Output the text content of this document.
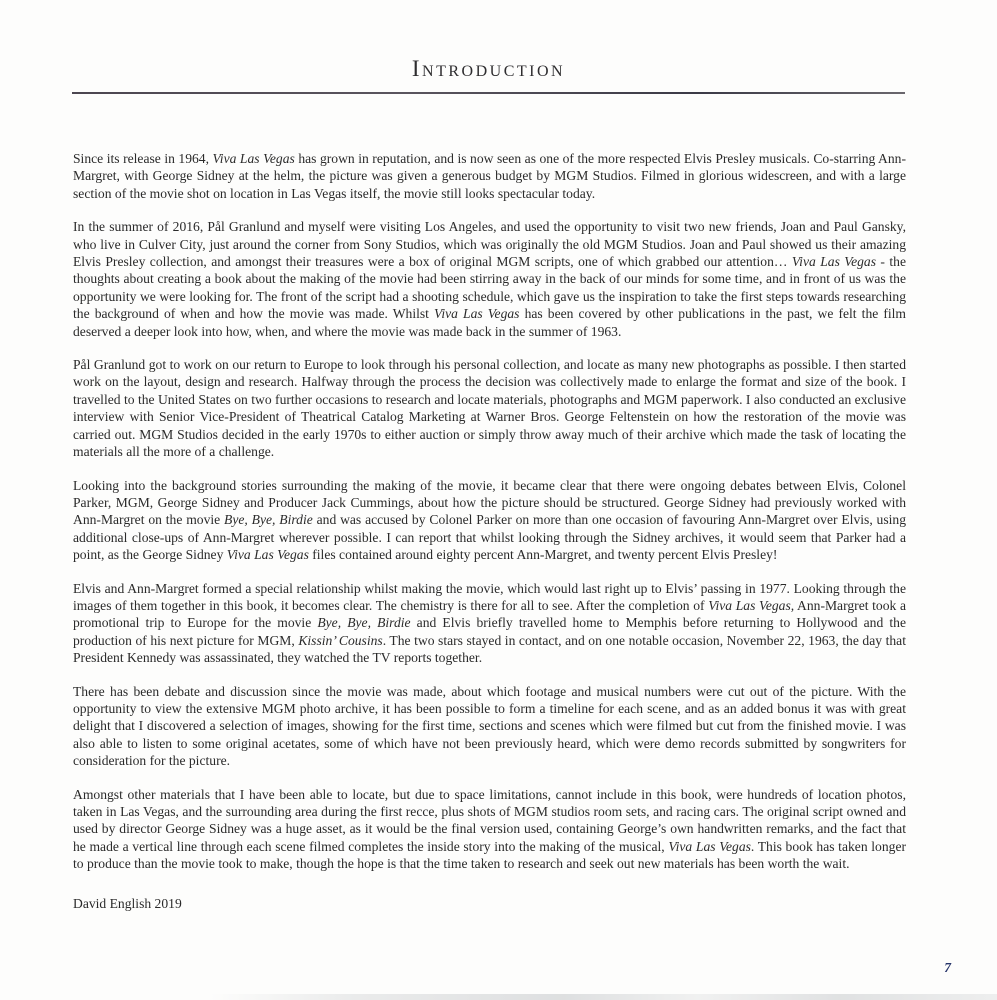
Introduction

Since its release in 1964, Viva Las Vegas has grown in reputation, and is now seen as one of the more respected Elvis Presley musicals. Co-starring Ann-Margret, with George Sidney at the helm, the picture was given a generous budget by MGM Studios. Filmed in glorious widescreen, and with a large section of the movie shot on location in Las Vegas itself, the movie still looks spectacular today.

In the summer of 2016, Pål Granlund and myself were visiting Los Angeles, and used the opportunity to visit two new friends, Joan and Paul Gansky, who live in Culver City, just around the corner from Sony Studios, which was originally the old MGM Studios. Joan and Paul showed us their amazing Elvis Presley collection, and amongst their treasures were a box of original MGM scripts, one of which grabbed our attention… Viva Las Vegas - the thoughts about creating a book about the making of the movie had been stirring away in the back of our minds for some time, and in front of us was the opportunity we were looking for. The front of the script had a shooting schedule, which gave us the inspiration to take the first steps towards researching the background of when and how the movie was made. Whilst Viva Las Vegas has been covered by other publications in the past, we felt the film deserved a deeper look into how, when, and where the movie was made back in the summer of 1963.

Pål Granlund got to work on our return to Europe to look through his personal collection, and locate as many new photographs as possible. I then started work on the layout, design and research. Halfway through the process the decision was collectively made to enlarge the format and size of the book. I travelled to the United States on two further occasions to research and locate materials, photographs and MGM paperwork. I also conducted an exclusive interview with Senior Vice-President of Theatrical Catalog Marketing at Warner Bros. George Feltenstein on how the restoration of the movie was carried out. MGM Studios decided in the early 1970s to either auction or simply throw away much of their archive which made the task of locating the materials all the more of a challenge.

Looking into the background stories surrounding the making of the movie, it became clear that there were ongoing debates between Elvis, Colonel Parker, MGM, George Sidney and Producer Jack Cummings, about how the picture should be structured. George Sidney had previously worked with Ann-Margret on the movie Bye, Bye, Birdie and was accused by Colonel Parker on more than one occasion of favouring Ann-Margret over Elvis, using additional close-ups of Ann-Margret wherever possible. I can report that whilst looking through the Sidney archives, it would seem that Parker had a point, as the George Sidney Viva Las Vegas files contained around eighty percent Ann-Margret, and twenty percent Elvis Presley!

Elvis and Ann-Margret formed a special relationship whilst making the movie, which would last right up to Elvis’ passing in 1977. Looking through the images of them together in this book, it becomes clear. The chemistry is there for all to see. After the completion of Viva Las Vegas, Ann-Margret took a promotional trip to Europe for the movie Bye, Bye, Birdie and Elvis briefly travelled home to Memphis before returning to Hollywood and the production of his next picture for MGM, Kissin’ Cousins. The two stars stayed in contact, and on one notable occasion, November 22, 1963, the day that President Kennedy was assassinated, they watched the TV reports together.

There has been debate and discussion since the movie was made, about which footage and musical numbers were cut out of the picture. With the opportunity to view the extensive MGM photo archive, it has been possible to form a timeline for each scene, and as an added bonus it was with great delight that I discovered a selection of images, showing for the first time, sections and scenes which were filmed but cut from the finished movie. I was also able to listen to some original acetates, some of which have not been previously heard, which were demo records submitted by songwriters for consideration for the picture.

Amongst other materials that I have been able to locate, but due to space limitations, cannot include in this book, were hundreds of location photos, taken in Las Vegas, and the surrounding area during the first recce, plus shots of MGM studios room sets, and racing cars. The original script owned and used by director George Sidney was a huge asset, as it would be the final version used, containing George’s own handwritten remarks, and the fact that he made a vertical line through each scene filmed completes the inside story into the making of the musical, Viva Las Vegas. This book has taken longer to produce than the movie took to make, though the hope is that the time taken to research and seek out new materials has been worth the wait.

David English 2019

7
